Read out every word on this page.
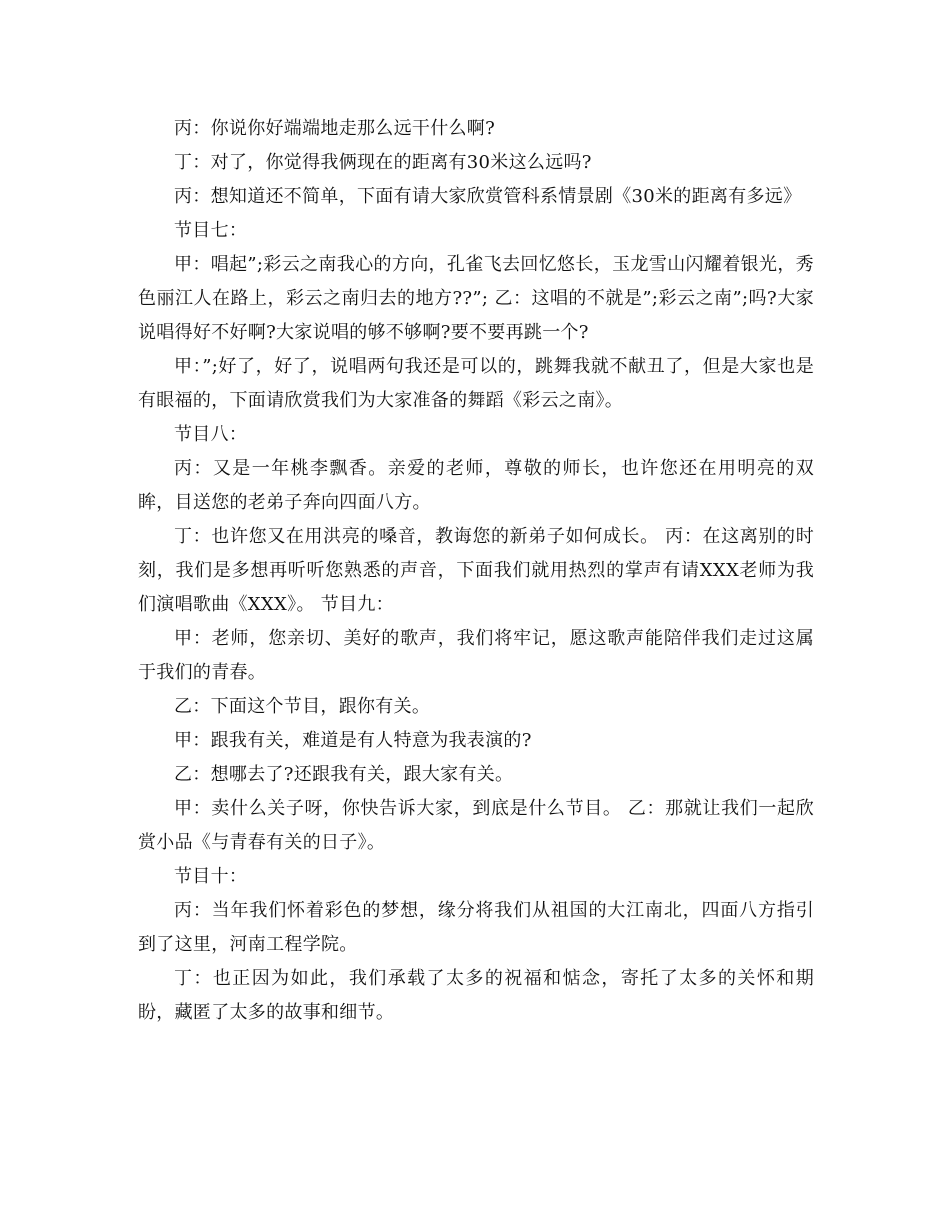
丙：你说你好端端地走那么远干什么啊?

丁：对了，你觉得我俩现在的距离有30米这么远吗?

丙：想知道还不简单，下面有请大家欣赏管科系情景剧《30米的距离有多远》

节目七：

甲：唱起”;彩云之南我心的方向，孔雀飞去回忆悠长，玉龙雪山闪耀着银光，秀色丽江人在路上，彩云之南归去的地方??”; 乙：这唱的不就是”;彩云之南”;吗?大家说唱得好不好啊?大家说唱的够不够啊?要不要再跳一个?

甲：”;好了，好了，说唱两句我还是可以的，跳舞我就不献丑了，但是大家也是有眼福的，下面请欣赏我们为大家准备的舞蹈《彩云之南》。

节目八：

丙：又是一年桃李飘香。亲爱的老师，尊敬的师长，也许您还在用明亮的双眸，目送您的老弟子奔向四面八方。

丁：也许您又在用洪亮的嗓音，教诲您的新弟子如何成长。 丙：在这离别的时刻，我们是多想再听听您熟悉的声音，下面我们就用热烈的掌声有请XXX老师为我们演唱歌曲《XXX》。 节目九：

甲：老师，您亲切、美好的歌声，我们将牢记，愿这歌声能陪伴我们走过这属于我们的青春。

乙：下面这个节目，跟你有关。

甲：跟我有关，难道是有人特意为我表演的?

乙：想哪去了?还跟我有关，跟大家有关。

甲：卖什么关子呀，你快告诉大家，到底是什么节目。 乙：那就让我们一起欣赏小品《与青春有关的日子》。

节目十：

丙：当年我们怀着彩色的梦想，缘分将我们从祖国的大江南北，四面八方指引到了这里，河南工程学院。

丁：也正因为如此，我们承载了太多的祝福和惦念，寄托了太多的关怀和期盼，藏匿了太多的故事和细节。
